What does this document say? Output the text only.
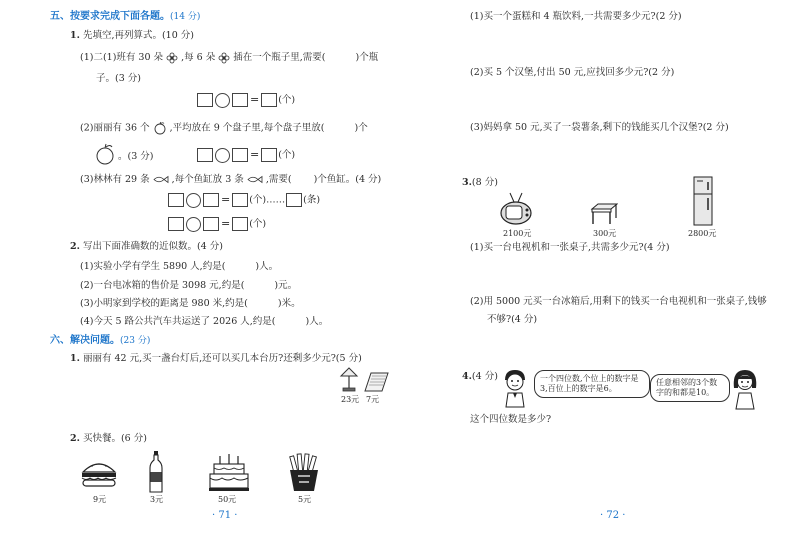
五、按要求完成下面各题。(14 分)
1. 先填空,再列算式。(10 分)
(1)二(1)班有 30 朵 ,每 6 朵 插在一个瓶子里,需要(	)个瓶
子。(3 分)
= (个)
(2)丽丽有 36 个 ,平均放在 9 个盘子里,每个盘子里放(	)个
。(3 分)	= (个)
(3)林林有 29 条 ,每个鱼缸放 3 条 ,需要( )个鱼缸。(4 分)
= (个)…… (条)
= (个)
2. 写出下面准确数的近似数。(4 分)
(1)实验小学有学生 5890 人,约是(	)人。
(2)一台电冰箱的售价是 3098 元,约是(	)元。
(3)小明家到学校的距离是 980 米,约是(	)米。
(4)今天 5 路公共汽车共运送了 2026 人,约是(	)人。
六、解决问题。(23 分)
1. 丽丽有 42 元,买一盏台灯后,还可以买几本台历?还剩多少元?(5 分)
23元 7元
2. 买快餐。(6 分)
9元	3元	50元	5元
· 71 ·
(1)买一个蛋糕和 4 瓶饮料,一共需要多少元?(2 分)
(2)买 5 个汉堡,付出 50 元,应找回多少元?(2 分)
(3)妈妈拿 50 元,买了一袋薯条,剩下的钱能买几个汉堡?(2 分)
3.(8 分)
2100元	300元	2800元
(1)买一台电视机和一张桌子,共需多少元?(4 分)
(2)用 5000 元买一台冰箱后,用剩下的钱买一台电视机和一张桌子,钱够
不够?(4 分)
4.(4 分)	一个四位数,个位上的数字是3,百位上的数字是6。
任意相邻的3个数字的和都是10。
这个四位数是多少?
· 72 ·
